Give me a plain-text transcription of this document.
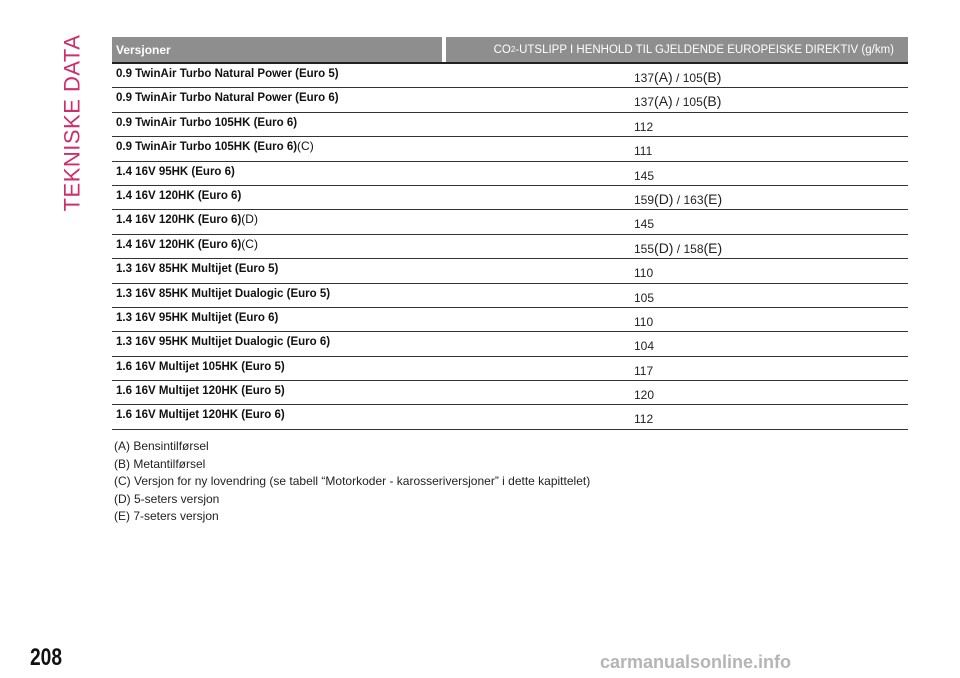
TEKNISKE DATA	Versjoner	CO 2 -UTSLIPP I HENHOLD TIL GJELDENDE EUROPEISKE DIREKTIV (g/km)
0.9 TwinAir Turbo Natural Power (Euro 5)	137(A) / 105(B)
0.9 TwinAir Turbo Natural Power (Euro 6)	137(A) / 105(B)
0.9 TwinAir Turbo 105HK (Euro 6)	112
0.9 TwinAir Turbo 105HK (Euro 6)(C)	111
1.4 16V 95HK (Euro 6)	145
1.4 16V 120HK (Euro 6)	159(D) / 163(E)
1.4 16V 120HK (Euro 6)(D)	145
1.4 16V 120HK (Euro 6)(C)	155(D) / 158(E)
1.3 16V 85HK Multijet (Euro 5)	110
1.3 16V 85HK Multijet Dualogic (Euro 5)	105
1.3 16V 95HK Multijet (Euro 6)	110
1.3 16V 95HK Multijet Dualogic (Euro 6)	104
1.6 16V Multijet 105HK (Euro 5)	117
1.6 16V Multijet 120HK (Euro 5)	120
1.6 16V Multijet 120HK (Euro 6)	112
(A) Bensintilførsel
(B) Metantilførsel
(C) Versjon for ny lovendring (se tabell “Motorkoder - karosseriversjoner” i dette kapittelet)
(D) 5-seters versjon
(E) 7-seters versjon
208	carmanualsonline.info
